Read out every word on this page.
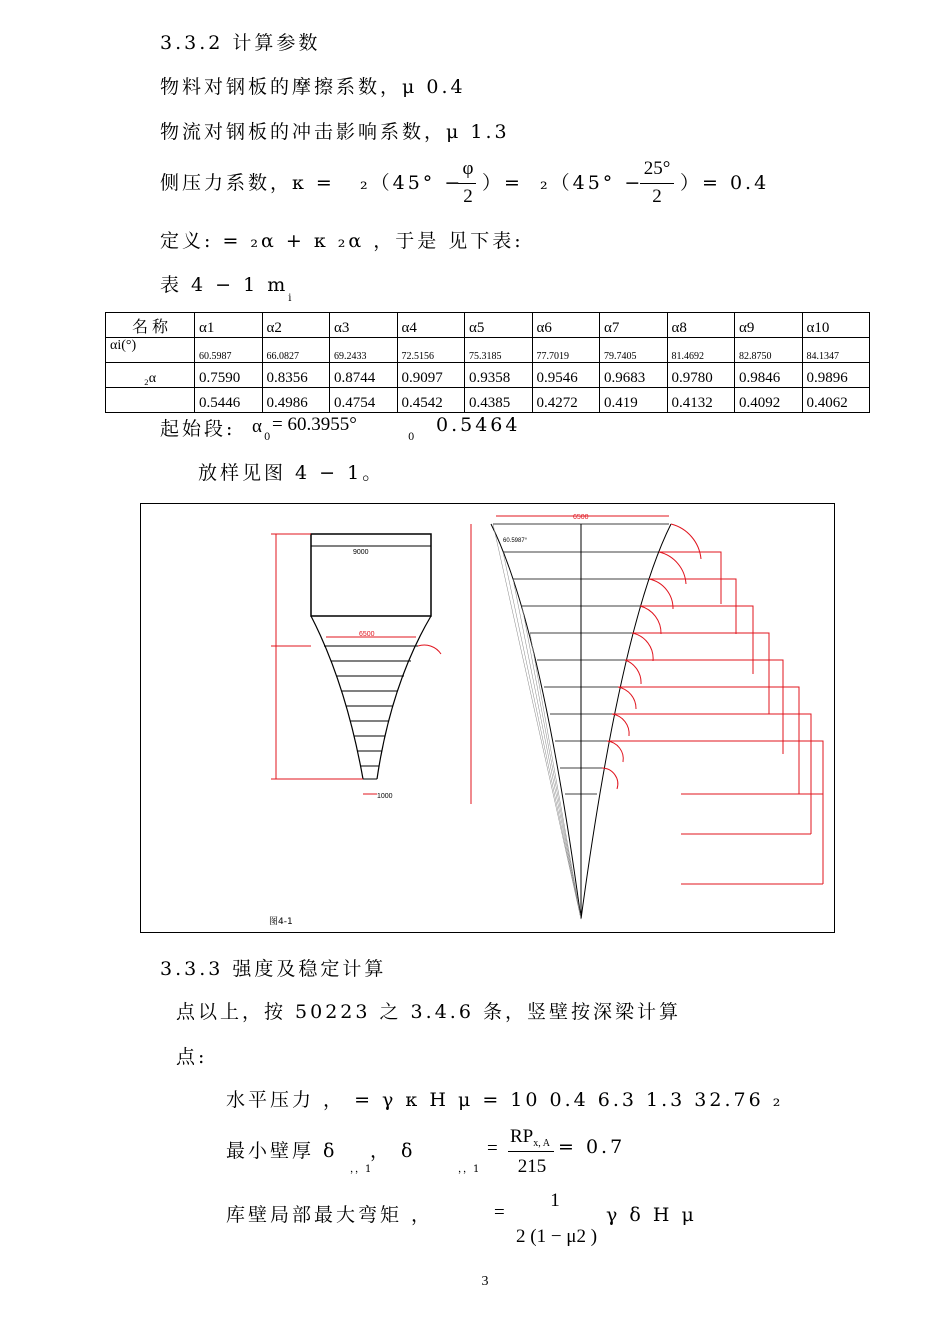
3.3.2 计算参数
物料对钢板的摩擦系数，μ 0.4
物流对钢板的冲击影响系数，μ 1.3
侧压力系数，κ = ₂（45° −
φ
2
）= ₂（45° −
25°
2
）= 0.4
定义: = ₂α + κ ₂α ，于是 见下表:
表 4 − 1 $m_i$
名 称	α1	α2	α3	α4	α5	α6	α7	α8	α9	α10
αi(°)	60.5987	66.0827	69.2433	72.5156	75.3185	77.7019	79.7405	81.4692	82.8750	84.1347
₂α	0.7590	0.8356	0.8744	0.9097	0.9358	0.9546	0.9683	0.9780	0.9846	0.9896
	0.5446	0.4986	0.4754	0.4542	0.4385	0.4272	0.419	0.4132	0.4092	0.4062
起始段: α
0
= 60.3955°
0
0.5464
放样见图 4 − 1。
9000
6500
1000
6500
60.5987°
图4-1
3.3.3 强度及稳定计算
点以上，按 50223 之 3.4.6 条，竖壁按深梁计算
点:
水平压力 ， = γ κ H μ = 10 0.4 6.3 1.3 32.76 ₂
最小壁厚 δ
，，1
， δ
，，1
=
$RP_{x, A}$
215
= 0.7
库壁局部最大弯矩 ，	=
1
2 (1 − μ2 )
γ δ H μ
3
